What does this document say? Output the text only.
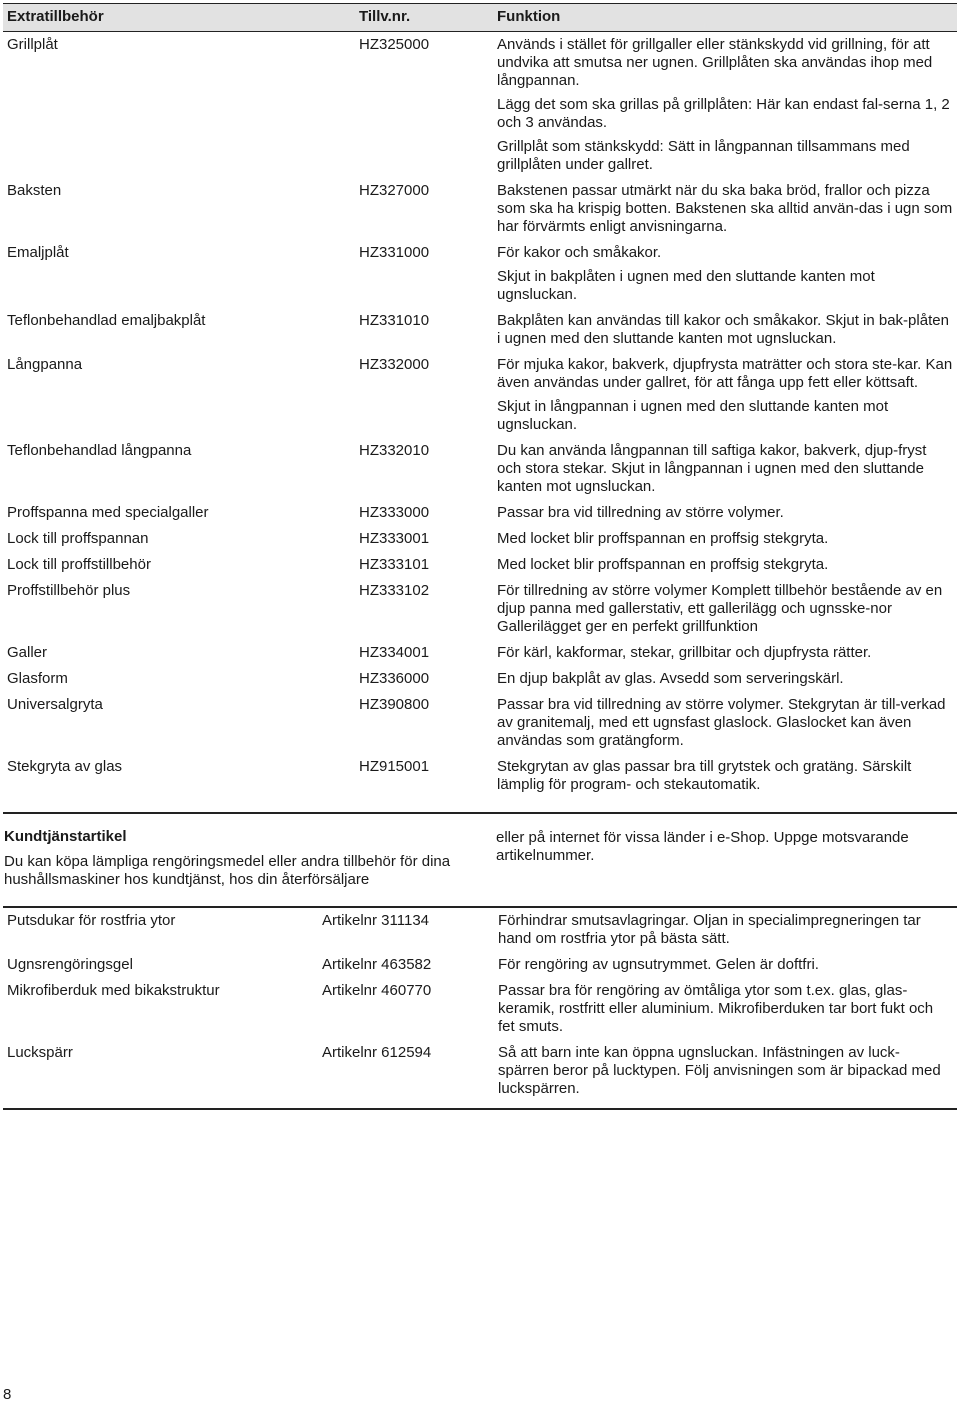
Extratillbehör	Tillv.nr.	Funktion
Grillplåt	HZ325000	Används i stället för grillgaller eller stänkskydd vid grillning, för att undvika att smutsa ner ugnen. Grillplåten ska användas ihop med långpannan.

Lägg det som ska grillas på grillplåten: Här kan endast fal-serna 1, 2 och 3 användas.

Grillplåt som stänkskydd: Sätt in långpannan tillsammans med grillplåten under gallret.

Baksten	HZ327000	Bakstenen passar utmärkt när du ska baka bröd, frallor och pizza som ska ha krispig botten. Bakstenen ska alltid använ-das i ugn som har förvärmts enligt anvisningarna.

Emaljplåt	HZ331000	För kakor och småkakor.

Skjut in bakplåten i ugnen med den sluttande kanten mot ugnsluckan.

Teflonbehandlad emaljbakplåt	HZ331010	Bakplåten kan användas till kakor och småkakor. Skjut in bak-plåten i ugnen med den sluttande kanten mot ugnsluckan.

Långpanna	HZ332000	För mjuka kakor, bakverk, djupfrysta maträtter och stora ste-kar. Kan även användas under gallret, för att fånga upp fett eller köttsaft.

Skjut in långpannan i ugnen med den sluttande kanten mot ugnsluckan.

Teflonbehandlad långpanna	HZ332010	Du kan använda långpannan till saftiga kakor, bakverk, djup-fryst och stora stekar. Skjut in långpannan i ugnen med den sluttande kanten mot ugnsluckan.

Proffspanna med specialgaller	HZ333000	Passar bra vid tillredning av större volymer.

Lock till proffspannan	HZ333001	Med locket blir proffspannan en proffsig stekgryta.

Lock till proffstillbehör	HZ333101	Med locket blir proffspannan en proffsig stekgryta.

Proffstillbehör plus	HZ333102	För tillredning av större volymer Komplett tillbehör bestående av en djup panna med gallerstativ, ett gallerilägg och ugnsske-nor Gallerilägget ger en perfekt grillfunktion

Galler	HZ334001	För kärl, kakformar, stekar, grillbitar och djupfrysta rätter.

Glasform	HZ336000	En djup bakplåt av glas. Avsedd som serveringskärl.

Universalgryta	HZ390800	Passar bra vid tillredning av större volymer. Stekgrytan är till-verkad av granitemalj, med ett ugnsfast glaslock. Glaslocket kan även användas som gratängform.

Stekgryta av glas	HZ915001	Stekgrytan av glas passar bra till grytstek och gratäng. Särskilt lämplig för program- och stekautomatik.

Kundtjänstartikel
Du kan köpa lämpliga rengöringsmedel eller andra tillbehör för dina hushållsmaskiner hos kundtjänst, hos din återförsäljare
eller på internet för vissa länder i e-Shop. Uppge motsvarande artikelnummer.
Putsdukar för rostfria ytor	Artikelnr 311134	Förhindrar smutsavlagringar. Oljan in specialimpregneringen tar hand om rostfria ytor på bästa sätt.

Ugnsrengöringsgel	Artikelnr 463582	För rengöring av ugnsutrymmet. Gelen är doftfri.

Mikrofiberduk med bikakstruktur	Artikelnr 460770	Passar bra för rengöring av ömtåliga ytor som t.ex. glas, glas-keramik, rostfritt eller aluminium. Mikrofiberduken tar bort fukt och fet smuts.

Luckspärr	Artikelnr 612594	Så att barn inte kan öppna ugnsluckan. Infästningen av luck-spärren beror på lucktypen. Följ anvisningen som är bipackad med luckspärren.

8
